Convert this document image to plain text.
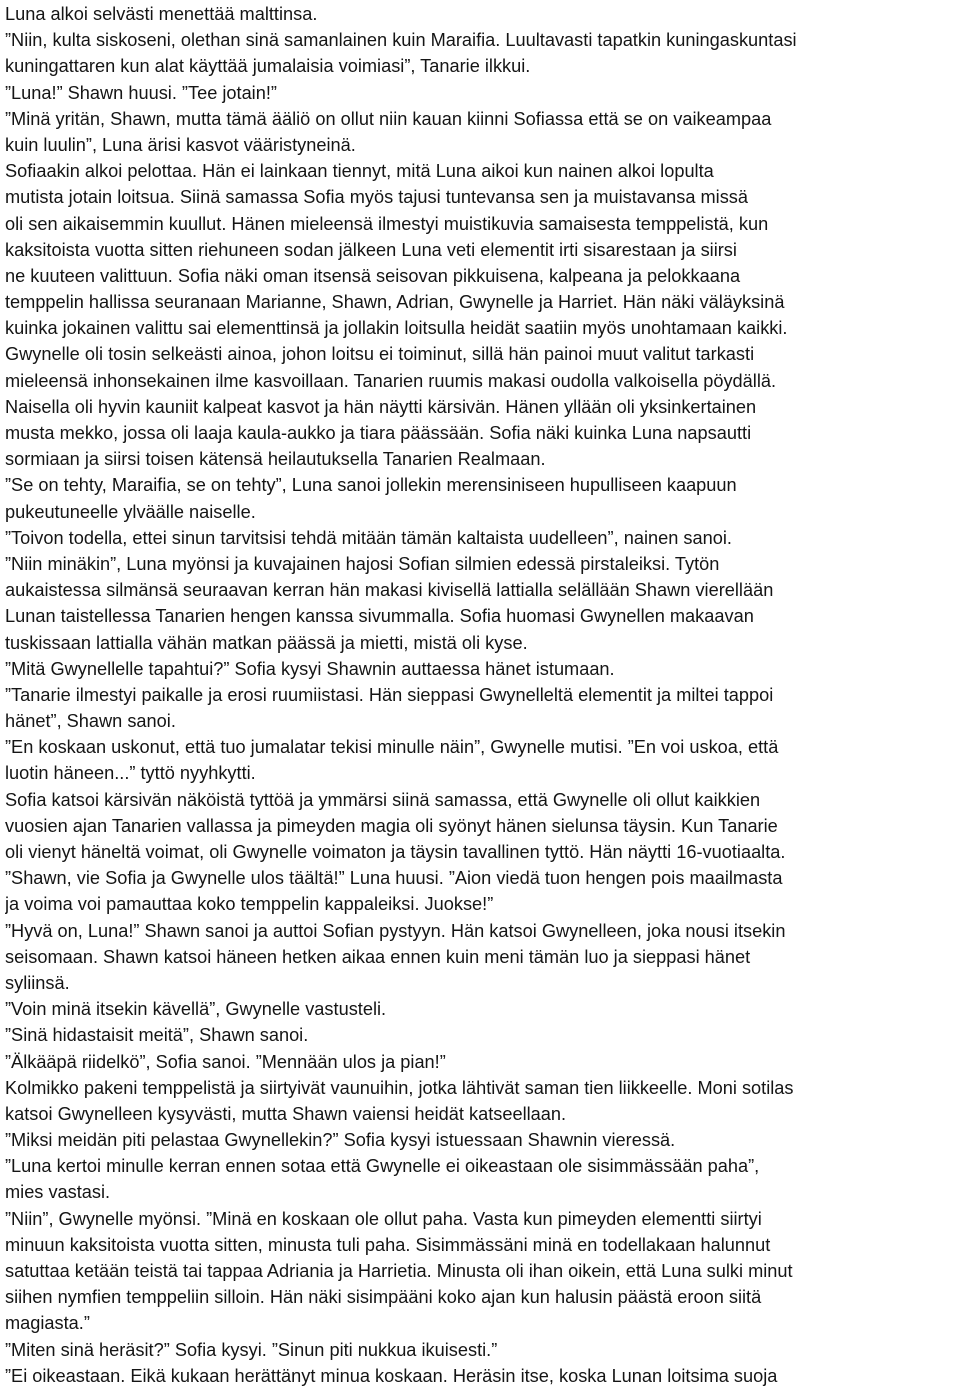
Luna alkoi selvästi menettää malttinsa.
”Niin, kulta siskoseni, olethan sinä samanlainen kuin Maraifia. Luultavasti tapatkin kuningaskuntasi
kuningattaren kun alat käyttää jumalaisia voimiasi”, Tanarie ilkkui.
”Luna!” Shawn huusi. ”Tee jotain!”
”Minä yritän, Shawn, mutta tämä ääliö on ollut niin kauan kiinni Sofiassa että se on vaikeampaa
kuin luulin”, Luna ärisi kasvot vääristyneinä.
Sofiaakin alkoi pelottaa. Hän ei lainkaan tiennyt, mitä Luna aikoi kun nainen alkoi lopulta
mutista jotain loitsua. Siinä samassa Sofia myös tajusi tuntevansa sen ja muistavansa missä
oli sen aikaisemmin kuullut. Hänen mieleensä ilmestyi muistikuvia samaisesta temppelistä, kun
kaksitoista vuotta sitten riehuneen sodan jälkeen Luna veti elementit irti sisarestaan ja siirsi
ne kuuteen valittuun. Sofia näki oman itsensä seisovan pikkuisena, kalpeana ja pelokkaana
temppelin hallissa seuranaan Marianne, Shawn, Adrian, Gwynelle ja Harriet. Hän näki väläyksinä
kuinka jokainen valittu sai elementtinsä ja jollakin loitsulla heidät saatiin myös unohtamaan kaikki.
Gwynelle oli tosin selkeästi ainoa, johon loitsu ei toiminut, sillä hän painoi muut valitut tarkasti
mieleensä inhonsekainen ilme kasvoillaan. Tanarien ruumis makasi oudolla valkoisella pöydällä.
Naisella oli hyvin kauniit kalpeat kasvot ja hän näytti kärsivän. Hänen yllään oli yksinkertainen
musta mekko, jossa oli laaja kaula-aukko ja tiara päässään. Sofia näki kuinka Luna napsautti
sormiaan ja siirsi toisen kätensä heilautuksella Tanarien Realmaan.
”Se on tehty, Maraifia, se on tehty”, Luna sanoi jollekin merensiniseen hupulliseen kaapuun
pukeutuneelle ylväälle naiselle.
”Toivon todella, ettei sinun tarvitsisi tehdä mitään tämän kaltaista uudelleen”, nainen sanoi.
”Niin minäkin”, Luna myönsi ja kuvajainen hajosi Sofian silmien edessä pirstaleiksi. Tytön
aukaistessa silmänsä seuraavan kerran hän makasi kivisellä lattialla selällään Shawn vierellään
Lunan taistellessa Tanarien hengen kanssa sivummalla. Sofia huomasi Gwynellen makaavan
tuskissaan lattialla vähän matkan päässä ja mietti, mistä oli kyse.
”Mitä Gwynellelle tapahtui?” Sofia kysyi Shawnin auttaessa hänet istumaan.
”Tanarie ilmestyi paikalle ja erosi ruumiistasi. Hän sieppasi Gwynelleltä elementit ja miltei tappoi
hänet”, Shawn sanoi.
”En koskaan uskonut, että tuo jumalatar tekisi minulle näin”, Gwynelle mutisi. ”En voi uskoa, että
luotin häneen...” tyttö nyyhkytti.
Sofia katsoi kärsivän näköistä tyttöä ja ymmärsi siinä samassa, että Gwynelle oli ollut kaikkien
vuosien ajan Tanarien vallassa ja pimeyden magia oli syönyt hänen sielunsa täysin. Kun Tanarie
oli vienyt häneltä voimat, oli Gwynelle voimaton ja täysin tavallinen tyttö. Hän näytti 16-vuotiaalta.
”Shawn, vie Sofia ja Gwynelle ulos täältä!” Luna huusi. ”Aion viedä tuon hengen pois maailmasta
ja voima voi pamauttaa koko temppelin kappaleiksi. Juokse!”
”Hyvä on, Luna!” Shawn sanoi ja auttoi Sofian pystyyn. Hän katsoi Gwynelleen, joka nousi itsekin
seisomaan. Shawn katsoi häneen hetken aikaa ennen kuin meni tämän luo ja sieppasi hänet
syliinsä.
”Voin minä itsekin kävellä”, Gwynelle vastusteli.
”Sinä hidastaisit meitä”, Shawn sanoi.
”Älkääpä riidelkö”, Sofia sanoi. ”Mennään ulos ja pian!”
Kolmikko pakeni temppelistä ja siirtyivät vaunuihin, jotka lähtivät saman tien liikkeelle. Moni sotilas
katsoi Gwynelleen kysyvästi, mutta Shawn vaiensi heidät katseellaan.
”Miksi meidän piti pelastaa Gwynellekin?” Sofia kysyi istuessaan Shawnin vieressä.
”Luna kertoi minulle kerran ennen sotaa että Gwynelle ei oikeastaan ole sisimmässään paha”,
mies vastasi.
”Niin”, Gwynelle myönsi. ”Minä en koskaan ole ollut paha. Vasta kun pimeyden elementti siirtyi
minuun kaksitoista vuotta sitten, minusta tuli paha. Sisimmässäni minä en todellakaan halunnut
satuttaa ketään teistä tai tappaa Adriania ja Harrietia. Minusta oli ihan oikein, että Luna sulki minut
siihen nymfien temppeliin silloin. Hän näki sisimpääni koko ajan kun halusin päästä eroon siitä
magiasta.”
”Miten sinä heräsit?” Sofia kysyi. ”Sinun piti nukkua ikuisesti.”
”Ei oikeastaan. Eikä kukaan herättänyt minua koskaan. Heräsin itse, koska Lunan loitsima suoja
